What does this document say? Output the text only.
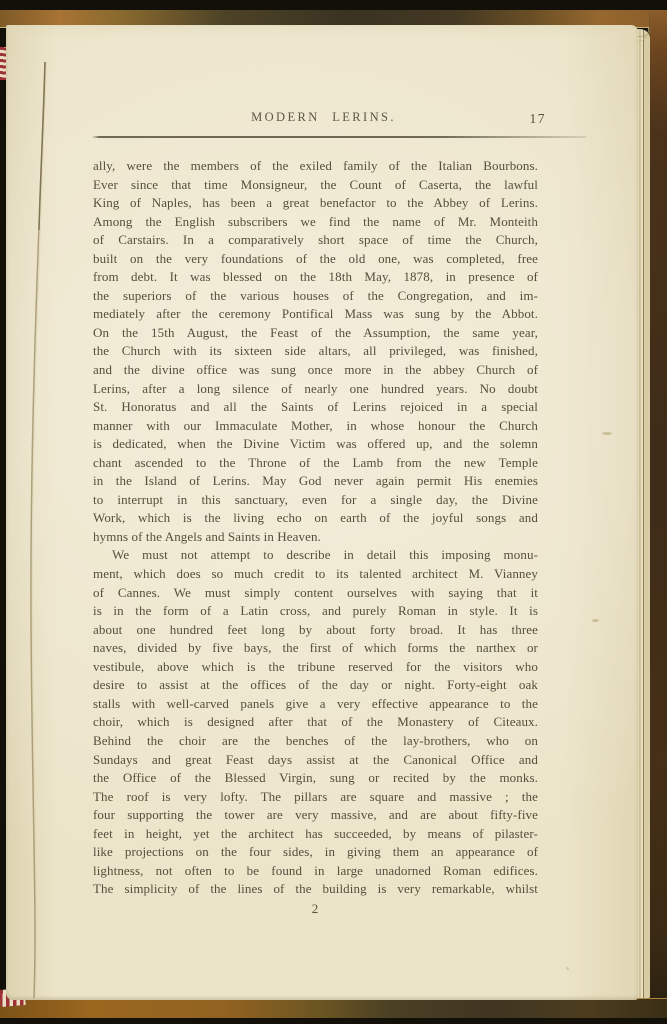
MODERN LERINS.	17
ally, were the members of the exiled family of the Italian Bourbons.
Ever since that time Monsigneur, the Count of Caserta, the lawful
King of Naples, has been a great benefactor to the Abbey of Lerins.
Among the English subscribers we find the name of Mr. Monteith
of Carstairs. In a comparatively short space of time the Church,
built on the very foundations of the old one, was completed, free
from debt. It was blessed on the 18th May, 1878, in presence of
the superiors of the various houses of the Congregation, and im-
mediately after the ceremony Pontifical Mass was sung by the Abbot.
On the 15th August, the Feast of the Assumption, the same year,
the Church with its sixteen side altars, all privileged, was finished,
and the divine office was sung once more in the abbey Church of
Lerins, after a long silence of nearly one hundred years. No doubt
St. Honoratus and all the Saints of Lerins rejoiced in a special
manner with our Immaculate Mother, in whose honour the Church
is dedicated, when the Divine Victim was offered up, and the solemn
chant ascended to the Throne of the Lamb from the new Temple
in the Island of Lerins. May God never again permit His enemies
to interrupt in this sanctuary, even for a single day, the Divine
Work, which is the living echo on earth of the joyful songs and
hymns of the Angels and Saints in Heaven.
We must not attempt to describe in detail this imposing monu-
ment, which does so much credit to its talented architect M. Vianney
of Cannes. We must simply content ourselves with saying that it
is in the form of a Latin cross, and purely Roman in style. It is
about one hundred feet long by about forty broad. It has three
naves, divided by five bays, the first of which forms the narthex or
vestibule, above which is the tribune reserved for the visitors who
desire to assist at the offices of the day or night. Forty-eight oak
stalls with well-carved panels give a very effective appearance to the
choir, which is designed after that of the Monastery of Citeaux.
Behind the choir are the benches of the lay-brothers, who on
Sundays and great Feast days assist at the Canonical Office and
the Office of the Blessed Virgin, sung or recited by the monks.
The roof is very lofty. The pillars are square and massive ; the
four supporting the tower are very massive, and are about fifty-five
feet in height, yet the architect has succeeded, by means of pilaster-
like projections on the four sides, in giving them an appearance of
lightness, not often to be found in large unadorned Roman edifices.
The simplicity of the lines of the building is very remarkable, whilst
2
